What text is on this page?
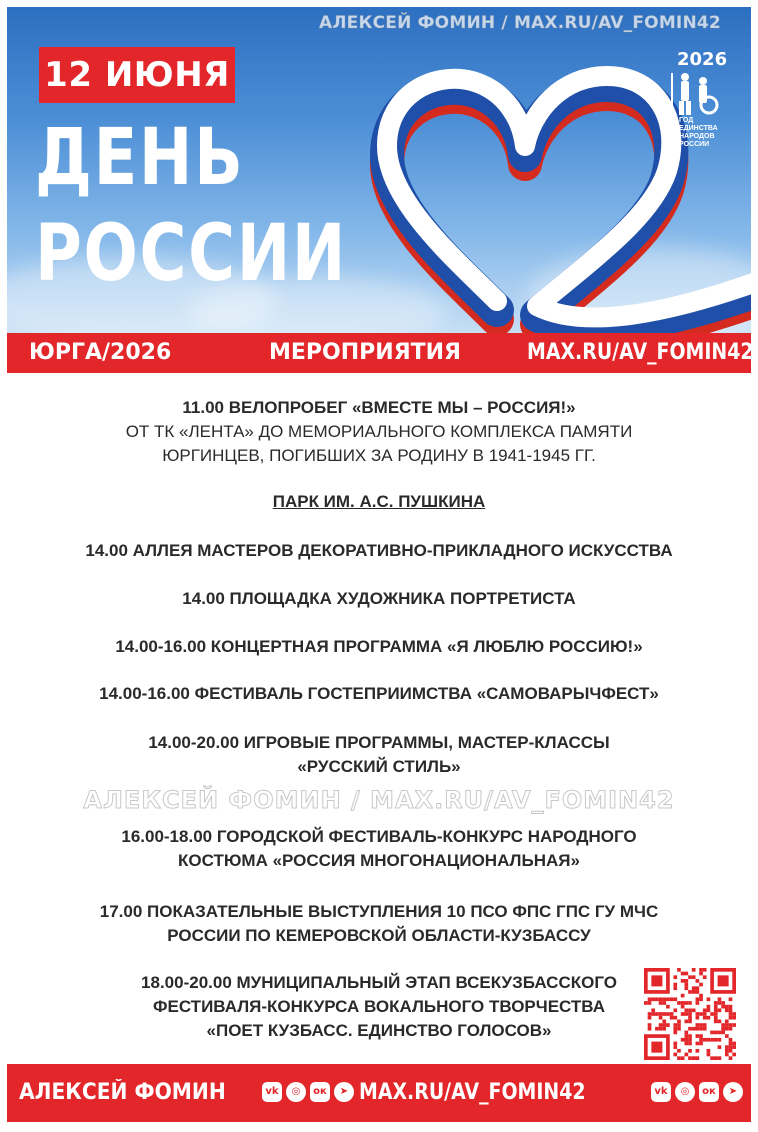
АЛЕКСЕЙ ФОМИН / MAX.RU/AV_FOMIN42
12 ИЮНЯ
ДЕНЬ
РОССИИ
2026
ГОД
ЕДИНСТВА
НАРОДОВ
РОССИИ
ЮРГА/2026	МЕРОПРИЯТИЯ	MAX.RU/AV_FOMIN42
11.00 ВЕЛОПРОБЕГ «ВМЕСТЕ МЫ – РОССИЯ!»
ОТ ТК «ЛЕНТА» ДО МЕМОРИАЛЬНОГО КОМПЛЕКСА ПАМЯТИ
ЮРГИНЦЕВ, ПОГИБШИХ ЗА РОДИНУ В 1941-1945 ГГ.
ПАРК ИМ. А.С. ПУШКИНА
14.00 АЛЛЕЯ МАСТЕРОВ ДЕКОРАТИВНО-ПРИКЛАДНОГО ИСКУССТВА
14.00 ПЛОЩАДКА ХУДОЖНИКА ПОРТРЕТИСТА
14.00-16.00 КОНЦЕРТНАЯ ПРОГРАММА «Я ЛЮБЛЮ РОССИЮ!»
14.00-16.00 ФЕСТИВАЛЬ ГОСТЕПРИИМСТВА «САМОВАРЫЧФЕСТ»
14.00-20.00 ИГРОВЫЕ ПРОГРАММЫ, МАСТЕР-КЛАССЫ
«РУССКИЙ СТИЛЬ»
АЛЕКСЕЙ ФОМИН / MAX.RU/AV_FOMIN42
16.00-18.00 ГОРОДСКОЙ ФЕСТИВАЛЬ-КОНКУРС НАРОДНОГО
КОСТЮМА «РОССИЯ МНОГОНАЦИОНАЛЬНАЯ»
17.00 ПОКАЗАТЕЛЬНЫЕ ВЫСТУПЛЕНИЯ 10 ПСО ФПС ГПС ГУ МЧС
РОССИИ ПО КЕМЕРОВСКОЙ ОБЛАСТИ-КУЗБАССУ
18.00-20.00 МУНИЦИПАЛЬНЫЙ ЭТАП ВСЕКУЗБАССКОГО
ФЕСТИВАЛЯ-КОНКУРСА ВОКАЛЬНОГО ТВОРЧЕСТВА
«ПОЕТ КУЗБАСС. ЕДИНСТВО ГОЛОСОВ»
АЛЕКСЕЙ ФОМИН	vk	◎	ок	➤ MAX.RU/AV_FOMIN42	vk	◎	ок	➤
